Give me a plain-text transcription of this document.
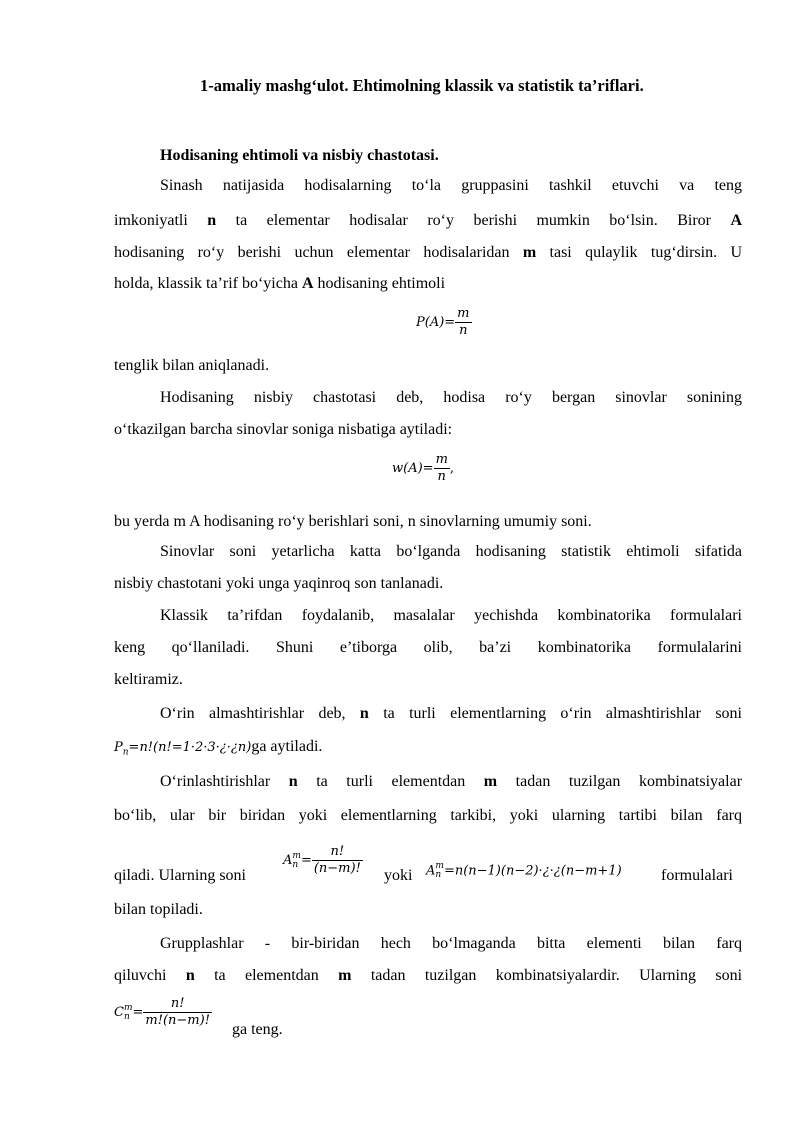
1-amaliy mashg‘ulot. Ehtimolning klassik va statistik ta’riflari.
Hodisaning ehtimoli va nisbiy chastotasi.
Sinash natijasida hodisalarning to‘la gruppasini tashkil etuvchi va teng
imkoniyatli n ta elementar hodisalar ro‘y berishi mumkin bo‘lsin. Biror A
hodisaning ro‘y berishi uchun elementar hodisalaridan m tasi qulaylik tug‘dirsin. U
holda, klassik ta’rif bo‘yicha A hodisaning ehtimoli
$P(A)= \frac{m}{n}$
tenglik bilan aniqlanadi.
Hodisaning nisbiy chastotasi deb, hodisa ro‘y bergan sinovlar sonining
o‘tkazilgan barcha sinovlar soniga nisbatiga aytiladi:
$w(A)= \frac{m}{n}$ ,
bu yerda m A hodisaning ro‘y berishlari soni, n sinovlarning umumiy soni.
Sinovlar soni yetarlicha katta bo‘lganda hodisaning statistik ehtimoli sifatida
nisbiy chastotani yoki unga yaqinroq son tanlanadi.
Klassik ta’rifdan foydalanib, masalalar yechishda kombinatorika formulalari
keng qo‘llaniladi. Shuni e’tiborga olib, ba’zi kombinatorika formulalarini
keltiramiz.
O‘rin almashtirishlar deb, n ta turli elementlarning o‘rin almashtirishlar soni
$P_n=n!(n!=1\cdot 2\cdot 3\cdot¿\cdot¿n)ga$ aytiladi.
O‘rinlashtirishlar n ta turli elementdan m tadan tuzilgan kombinatsiyalar
bo‘lib, ular bir biridan yoki elementlarning tarkibi, yoki ularning tartibi bilan farq
qiladi. Ularning soni
A m
$n = \frac{n!}{(n-m)!}$ yoki A m
n =n(n−1)(n−2)·¿·¿(n−m+1) formulalari
bilan topiladi.
Grupplashlar - bir-biridan hech bo‘lmaganda bitta elementi bilan farq
qiluvchi n ta elementdan m tadan tuzilgan kombinatsiyalardir. Ularning soni
C m
$n = \frac{n!}{m!(n-m)!}$
ga teng.
